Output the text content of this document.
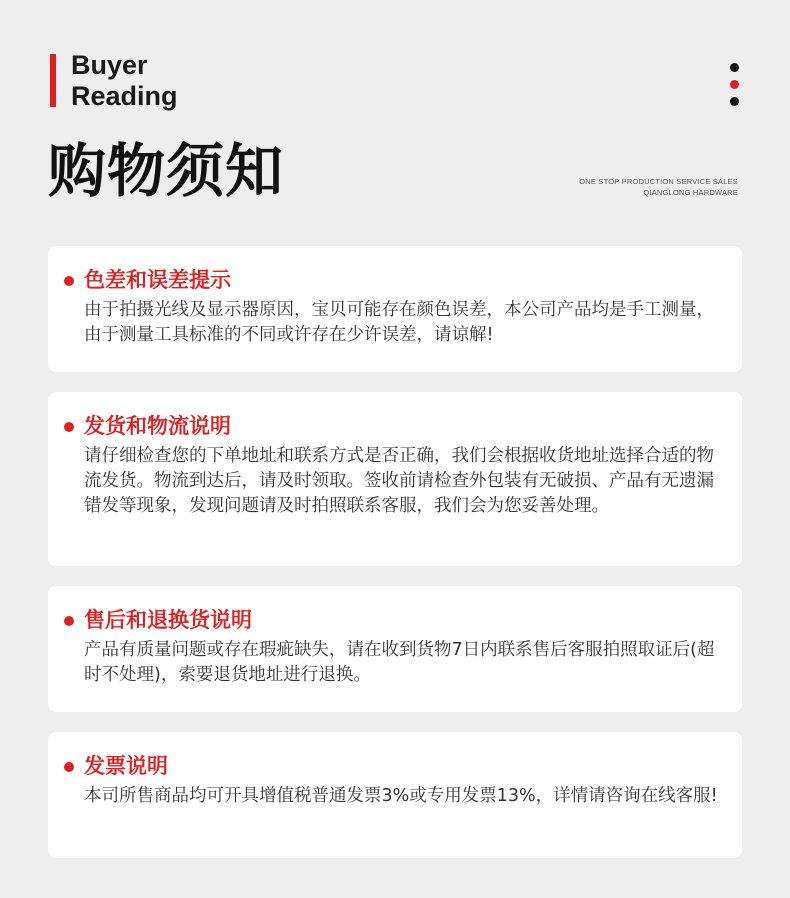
Buyer
Reading
购物须知	ONE STOP PRODUCTION SERVICE SALES
QIANGLONG HARDWARE
色差和误差提示
由于拍摄光线及显示器原因，宝贝可能存在颜色误差，本公司产品均是手工测量，由于测量工具标准的不同或许存在少许误差，请谅解!
发货和物流说明
请仔细检查您的下单地址和联系方式是否正确，我们会根据收货地址选择合适的物流发货。物流到达后，请及时领取。签收前请检查外包装有无破损、产品有无遗漏错发等现象，发现问题请及时拍照联系客服，我们会为您妥善处理。
售后和退换货说明
产品有质量问题或存在瑕疵缺失，请在收到货物7日内联系售后客服拍照取证后(超时不处理)，索要退货地址进行退换。
发票说明
本司所售商品均可开具增值税普通发票3%或专用发票13%，详情请咨询在线客服!
